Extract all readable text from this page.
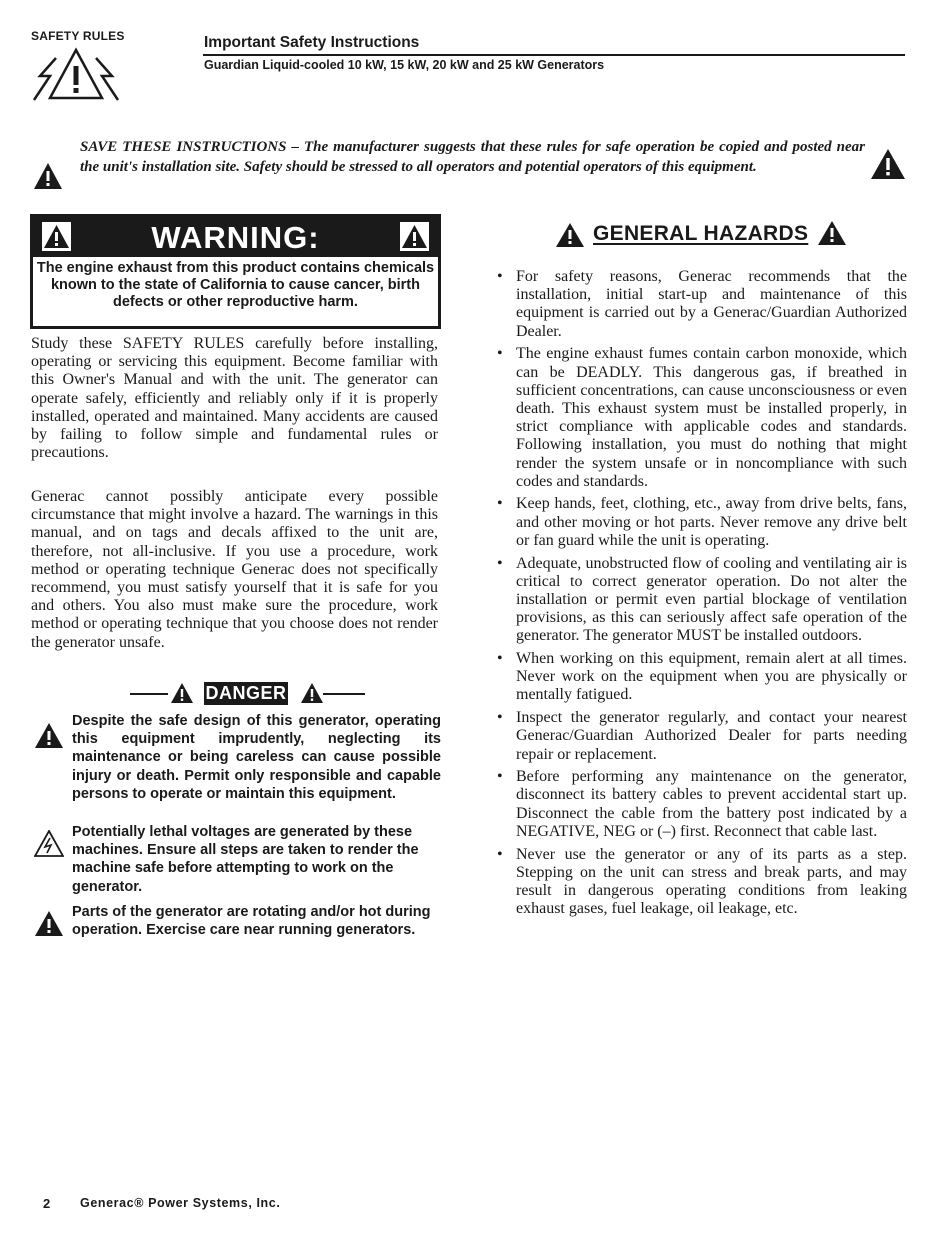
SAFETY RULES	Important Safety Instructions
Guardian Liquid-cooled 10 kW, 15 kW, 20 kW and 25 kW Generators
SAVE THESE INSTRUCTIONS – The manufacturer suggests that these rules for safe operation be copied and posted near the unit's installation site. Safety should be stressed to all operators and potential operators of this equipment.
WARNING:
The engine exhaust from this product contains chemicals known to the state of California to cause cancer, birth defects or other reproductive harm.
Study these SAFETY RULES carefully before installing, operating or servicing this equipment. Become familiar with this Owner's Manual and with the unit. The generator can operate safely, efficiently and reliably only if it is properly installed, operated and maintained. Many accidents are caused by failing to follow simple and fundamental rules or precautions.
Generac cannot possibly anticipate every possible circumstance that might involve a hazard. The warnings in this manual, and on tags and decals affixed to the unit are, therefore, not all-inclusive. If you use a procedure, work method or operating technique Generac does not specifically recommend, you must satisfy yourself that it is safe for you and others. You also must make sure the procedure, work method or operating technique that you choose does not render the generator unsafe.
DANGER
Despite the safe design of this generator, operating this equipment imprudently, neglecting its maintenance or being careless can cause possible injury or death. Permit only responsible and capable persons to operate or maintain this equipment.
Potentially lethal voltages are generated by these machines. Ensure all steps are taken to render the machine safe before attempting to work on the generator.
Parts of the generator are rotating and/or hot during operation. Exercise care near running generators.
GENERAL HAZARDS
• For safety reasons, Generac recommends that the installation, initial start-up and maintenance of this equipment is carried out by a Generac/Guardian Authorized Dealer.
• The engine exhaust fumes contain carbon monoxide, which can be DEADLY. This dangerous gas, if breathed in sufficient concentrations, can cause unconsciousness or even death. This exhaust system must be installed properly, in strict compliance with applicable codes and standards. Following installation, you must do nothing that might render the system unsafe or in noncompliance with such codes and standards.
• Keep hands, feet, clothing, etc., away from drive belts, fans, and other moving or hot parts. Never remove any drive belt or fan guard while the unit is operating.
• Adequate, unobstructed flow of cooling and ventilating air is critical to correct generator operation. Do not alter the installation or permit even partial blockage of ventilation provisions, as this can seriously affect safe operation of the generator. The generator MUST be installed outdoors.
• When working on this equipment, remain alert at all times. Never work on the equipment when you are physically or mentally fatigued.
• Inspect the generator regularly, and contact your nearest Generac/Guardian Authorized Dealer for parts needing repair or replacement.
• Before performing any maintenance on the generator, disconnect its battery cables to prevent accidental start up. Disconnect the cable from the battery post indicated by a NEGATIVE, NEG or (–) first. Reconnect that cable last.
• Never use the generator or any of its parts as a step. Stepping on the unit can stress and break parts, and may result in dangerous operating conditions from leaking exhaust gases, fuel leakage, oil leakage, etc.
2 Generac® Power Systems, Inc.
